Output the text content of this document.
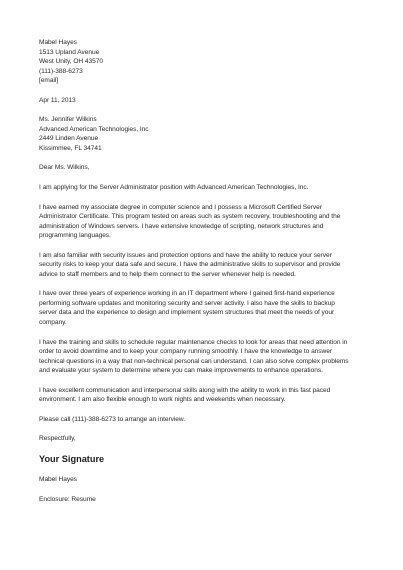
Mabel Hayes
1513 Upland Avenue
West Unity, OH 43570
(111)-388-6273
[email]
Apr 11, 2013
Ms. Jennifer Wilkins
Advanced American Technologies, Inc
2449 Linden Avenue
Kissimmee, FL 34741
Dear Ms. Wilkins,
I am applying for the Server Administrator position with Advanced American Technologies, Inc.
I have earned my associate degree in computer science and I possess a Microsoft Certified Server
Administrator Certificate. This program tested on areas such as system recovery, troubleshooting and the
administration of Windows servers. I have extensive knowledge of scripting, network structures and
programming languages.
I am also familiar with security issues and protection options and have the ability to reduce your server
security risks to keep your data safe and secure. I have the administrative skills to supervisor and provide
advice to staff members and to help them connect to the server whenever help is needed.
I have over three years of experience working in an IT department where I gained first-hand experience
performing software updates and monitoring security and server activity. I also have the skills to backup
server data and the experience to design and implement system structures that meet the needs of your
company.
I have the training and skills to schedule regular maintenance checks to look for areas that need attention in
order to avoid downtime and to keep your company running smoothly. I have the knowledge to answer
technical questions in a way that non-technical personal can understand. I can also solve complex problems
and evaluate your system to determine where you can make improvements to enhance operations.
I have excellent communication and interpersonal skills along with the ability to work in this fast paced
environment. I am also flexible enough to work nights and weekends when necessary.
Please call (111)-388-6273 to arrange an interview.
Respectfully,
Your Signature
Mabel Hayes
Enclosure: Resume
